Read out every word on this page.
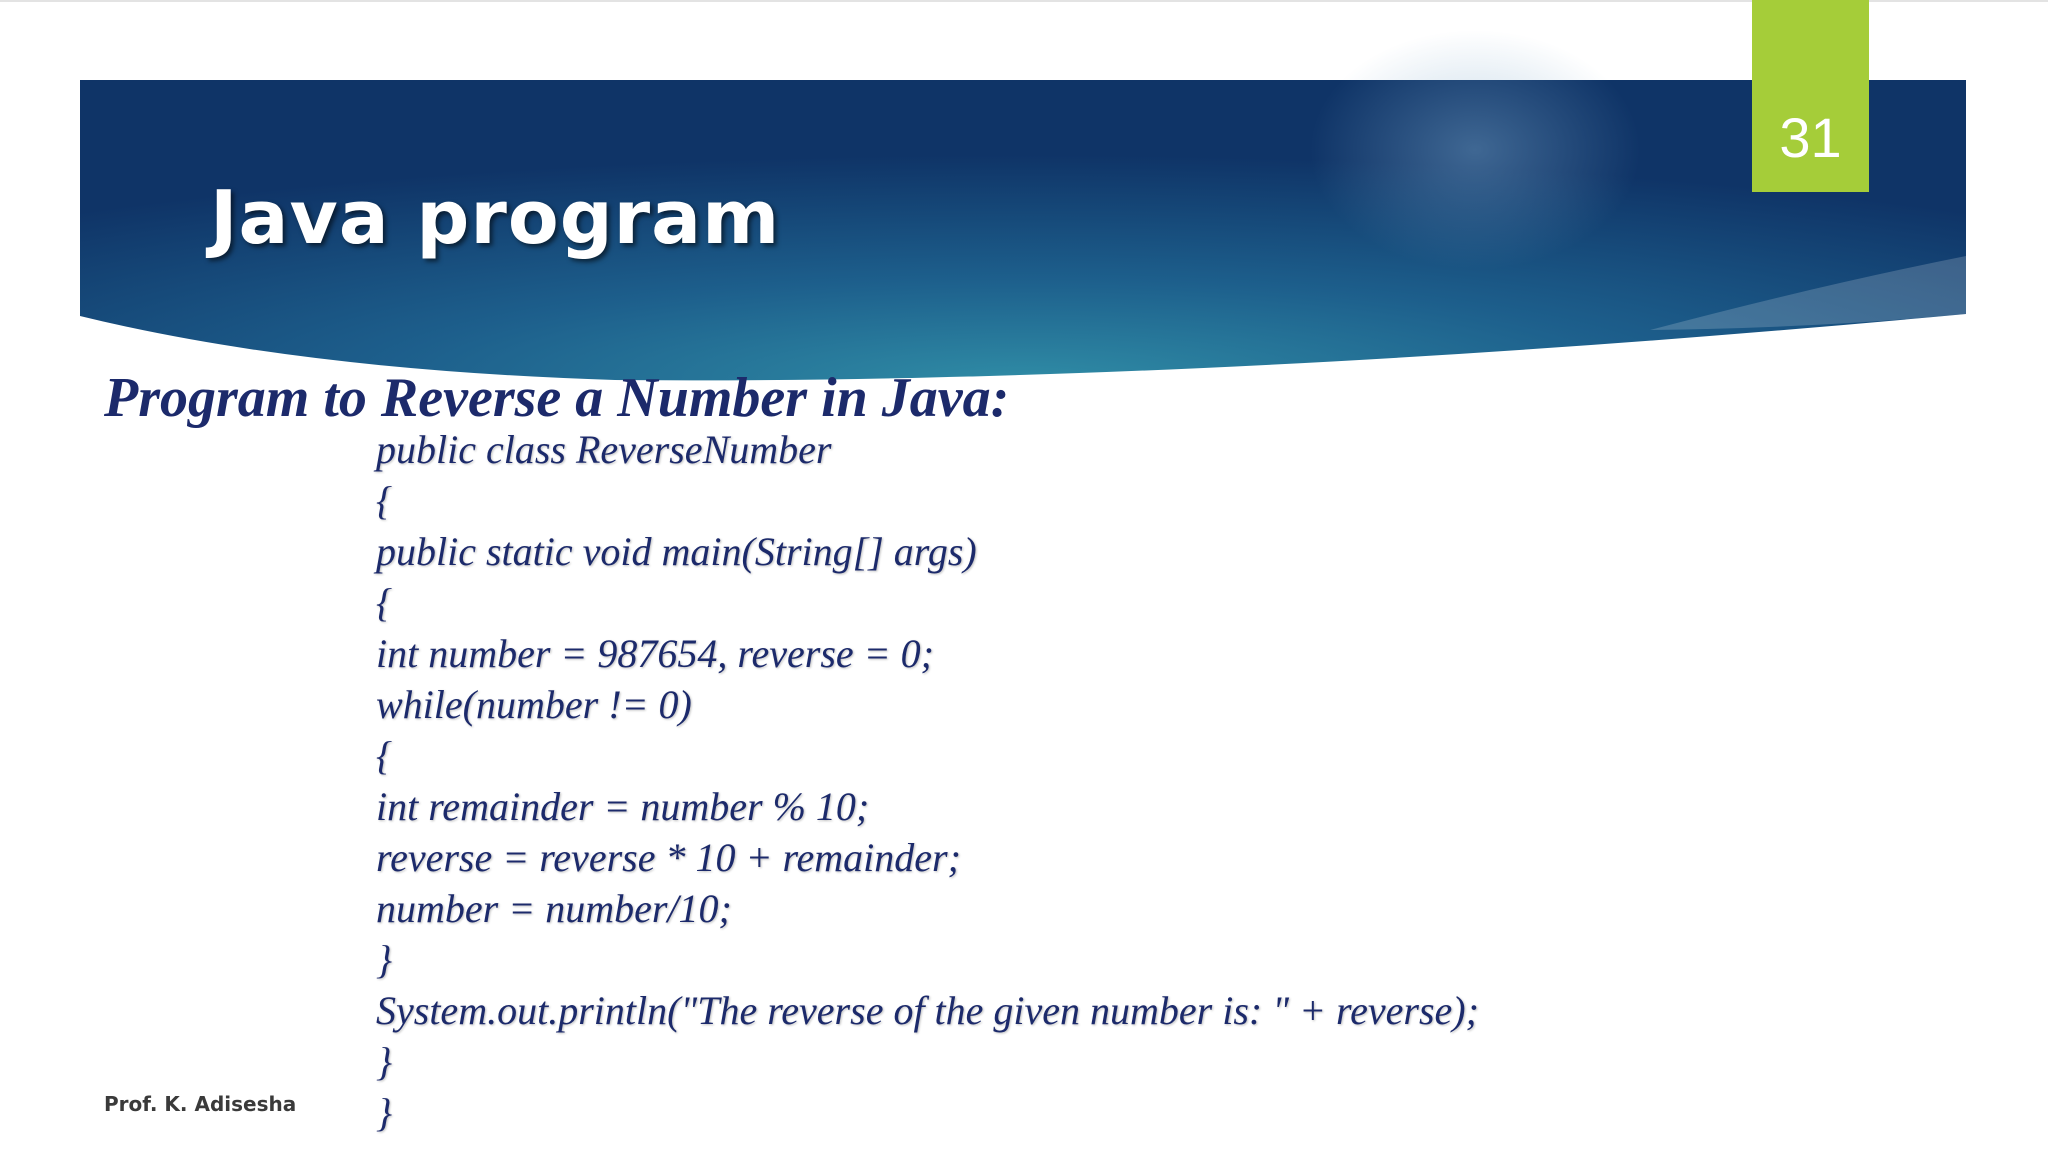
31
Java program
Program to Reverse a Number in Java:
public class ReverseNumber
{
public static void main(String[] args)
{
int number = 987654, reverse = 0;
while(number != 0)
{
int remainder = number % 10;
reverse = reverse * 10 + remainder;
number = number/10;
}
System.out.println("The reverse of the given number is: " + reverse);
}
}
Prof. K. Adisesha
